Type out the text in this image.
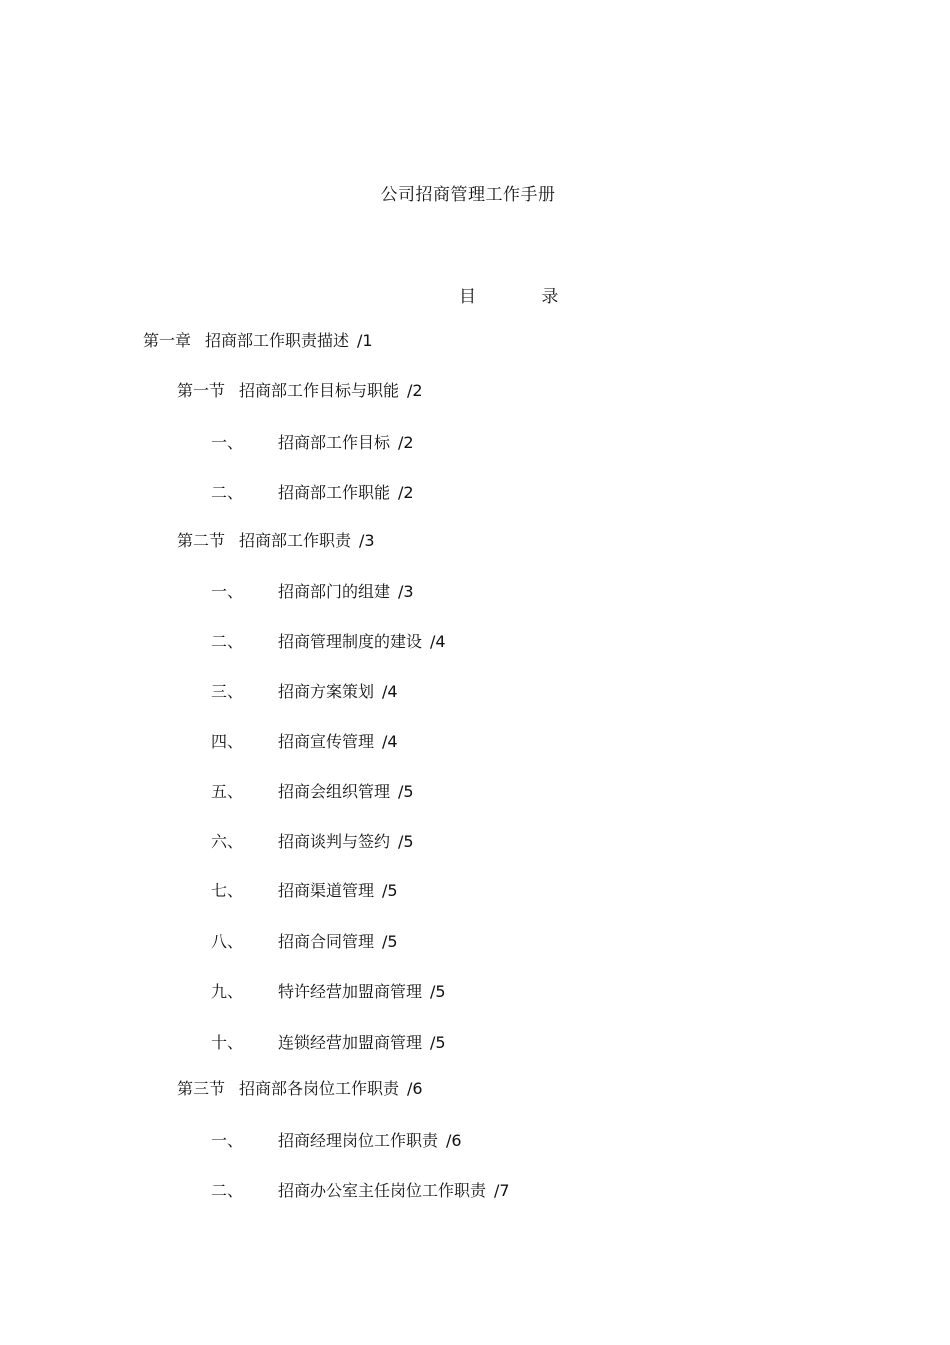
公司招商管理工作手册
目 录
第一章 招商部工作职责描述 /1
第一节 招商部工作目标与职能 /2
一、 招商部工作目标 /2
二、 招商部工作职能 /2
第二节 招商部工作职责 /3
一、 招商部门的组建 /3
二、 招商管理制度的建设 /4
三、 招商方案策划 /4
四、 招商宣传管理 /4
五、 招商会组织管理 /5
六、 招商谈判与签约 /5
七、 招商渠道管理 /5
八、 招商合同管理 /5
九、 特许经营加盟商管理 /5
十、 连锁经营加盟商管理 /5
第三节 招商部各岗位工作职责 /6
一、 招商经理岗位工作职责 /6
二、 招商办公室主任岗位工作职责 /7
